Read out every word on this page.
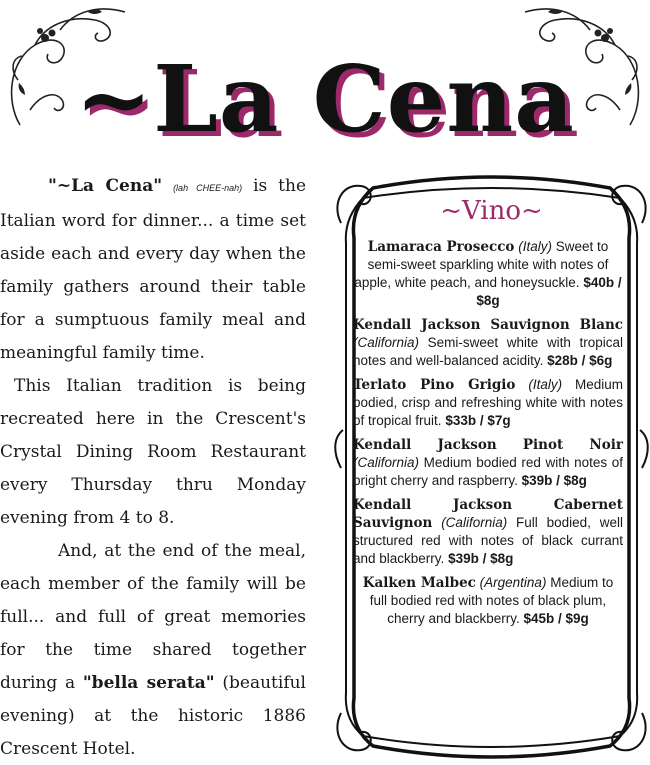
~La Cena

"~La Cena" (lah CHEE-nah) is the Italian word for dinner... a time set aside each and every day when the family gathers around their table for a sumptuous family meal and meaningful family time.

This Italian tradition is being recreated here in the Crescent's Crystal Dining Room Restaurant every Thursday thru Monday evening from 4 to 8.

And, at the end of the meal, each member of the family will be full... and full of great memories for the time shared together during a "bella serata" (beautiful evening) at the historic 1886 Crescent Hotel.

~Vino~
Lamaraca Prosecco (Italy) Sweet to semi-sweet sparkling white with notes of apple, white peach, and honeysuckle. $40b / $8g
Kendall Jackson Sauvignon Blanc (California) Semi-sweet white with tropical notes and well-balanced acidity. $28b / $6g
Terlato Pino Grigio (Italy) Medium bodied, crisp and refreshing white with notes of tropical fruit. $33b / $7g
Kendall Jackson Pinot Noir (California) Medium bodied red with notes of bright cherry and raspberry. $39b / $8g
Kendall Jackson Cabernet Sauvignon (California) Full bodied, well structured red with notes of black currant and blackberry. $39b / $8g
Kalken Malbec (Argentina) Medium to full bodied red with notes of black plum, cherry and blackberry. $45b / $9g
